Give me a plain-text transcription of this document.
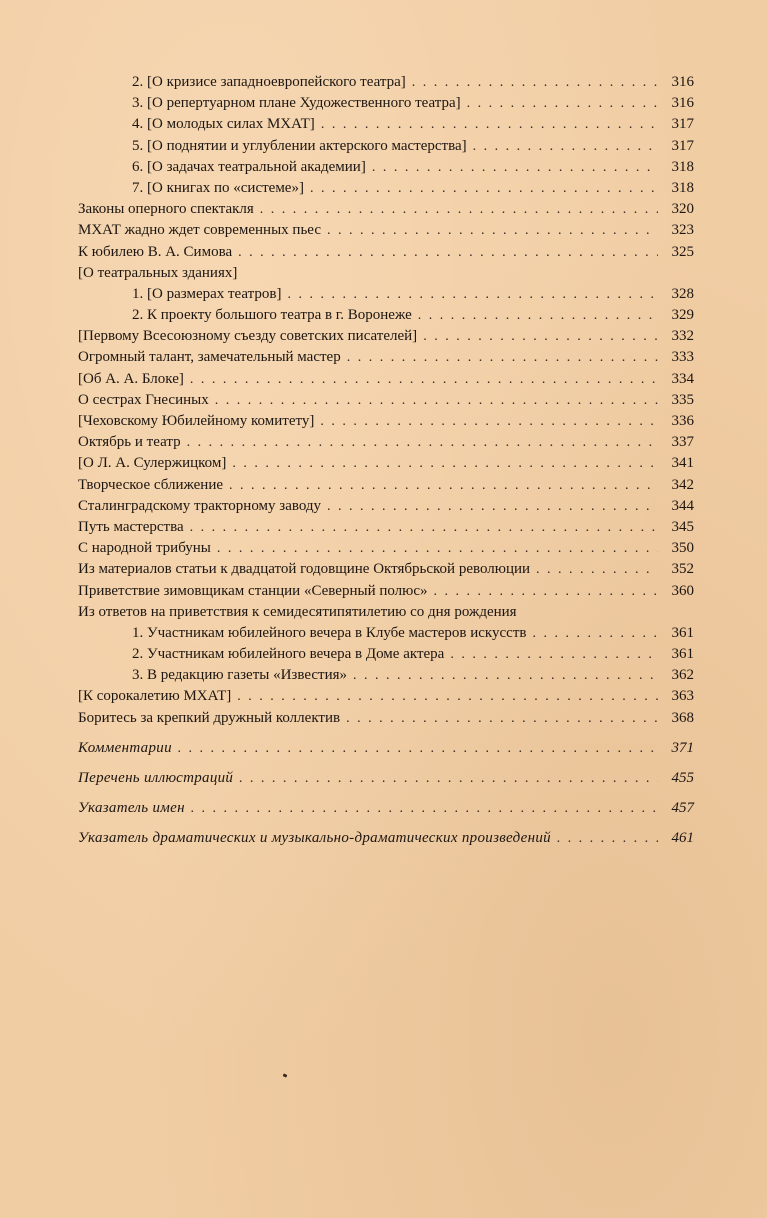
2. [О кризисе западноевропейского театра] . . .	316
3. [О репертуарном плане Художественного театра] . . .	316
4. [О молодых силах МХАТ] . . .	317
5. [О поднятии и углублении актерского мастерства] . . .	317
6. [О задачах театральной академии] . . .	318
7. [О книгах по «системе»] . . .	318
Законы оперного спектакля . . .	320
МХАТ жадно ждет современных пьес . . .	323
К юбилею В. А. Симова . . .	325
[О театральных зданиях]
1. [О размерах театров] . . .	328
2. К проекту большого театра в г. Воронеже . . .	329
[Первому Всесоюзному съезду советских писателей] . . .	332
Огромный талант, замечательный мастер . . .	333
[Об А. А. Блоке] . . .	334
О сестрах Гнесиных . . .	335
[Чеховскому Юбилейному комитету] . . .	336
Октябрь и театр . . .	337
[О Л. А. Сулержицком] . . .	341
Творческое сближение . . .	342
Сталинградскому тракторному заводу . . .	344
Путь мастерства . . .	345
С народной трибуны . . .	350
Из материалов статьи к двадцатой годовщине Октябрьской революции . . .	352
Приветствие зимовщикам станции «Северный полюс» . . .	360
Из ответов на приветствия к семидесятипятилетию со дня рождения
1. Участникам юбилейного вечера в Клубе мастеров искусств . . .	361
2. Участникам юбилейного вечера в Доме актера . . .	361
3. В редакцию газеты «Известия» . . .	362
[К сорокалетию МХАТ] . . .	363
Боритесь за крепкий дружный коллектив . . .	368
Комментарии . . .	371
Перечень иллюстраций . . .	455
Указатель имен . . .	457
Указатель драматических и музыкально-драматических произведений . . .	461
